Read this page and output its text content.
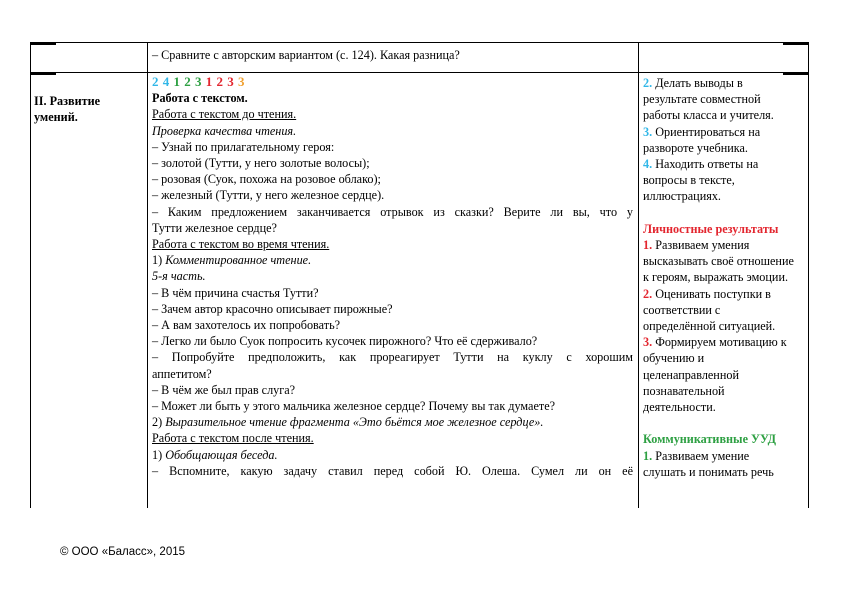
– Сравните с авторским вариантом (с. 124). Какая разница?

II. Развитие

умений.

2 4 1 2 3 1 2 3 3

Работа с текстом.

Работа с текстом до чтения.

Проверка качества чтения.

– Узнай по прилагательному героя:

– золотой (Тутти, у него золотые волосы);

– розовая (Суок, похожа на розовое облако);

– железный (Тутти, у него железное сердце).

– Каким предложением заканчивается отрывок из сказки? Верите ли вы, что у

Тутти железное сердце?

Работа с текстом во время чтения.

1) Комментированное чтение.

5-я часть.

– В чём причина счастья Тутти?

– Зачем автор красочно описывает пирожные?

– А вам захотелось их попробовать?

– Легко ли было Суок попросить кусочек пирожного? Что её сдерживало?

– Попробуйте предположить, как прореагирует Тутти на куклу с хорошим

аппетитом?

– В чём же был прав слуга?

– Может ли быть у этого мальчика железное сердце? Почему вы так думаете?

2) Выразительное чтение фрагмента «Это бьётся мое железное сердце».

Работа с текстом после чтения.

1) Обобщающая беседа.

– Вспомните, какую задачу ставил перед собой Ю. Олеша. Сумел ли он её

2. Делать выводы в

результате совместной

работы класса и учителя.

3. Ориентироваться на

развороте учебника.

4. Находить ответы на

вопросы в тексте,

иллюстрациях.

Личностные результаты

1. Развиваем умения

высказывать своё отношение

к героям, выражать эмоции.

2. Оценивать поступки в

соответствии с

определённой ситуацией.

3. Формируем мотивацию к

обучению и

целенаправленной

познавательной

деятельности.

Коммуникативные УУД

1. Развиваем умение

слушать и понимать речь

© ООО «Баласс», 2015
